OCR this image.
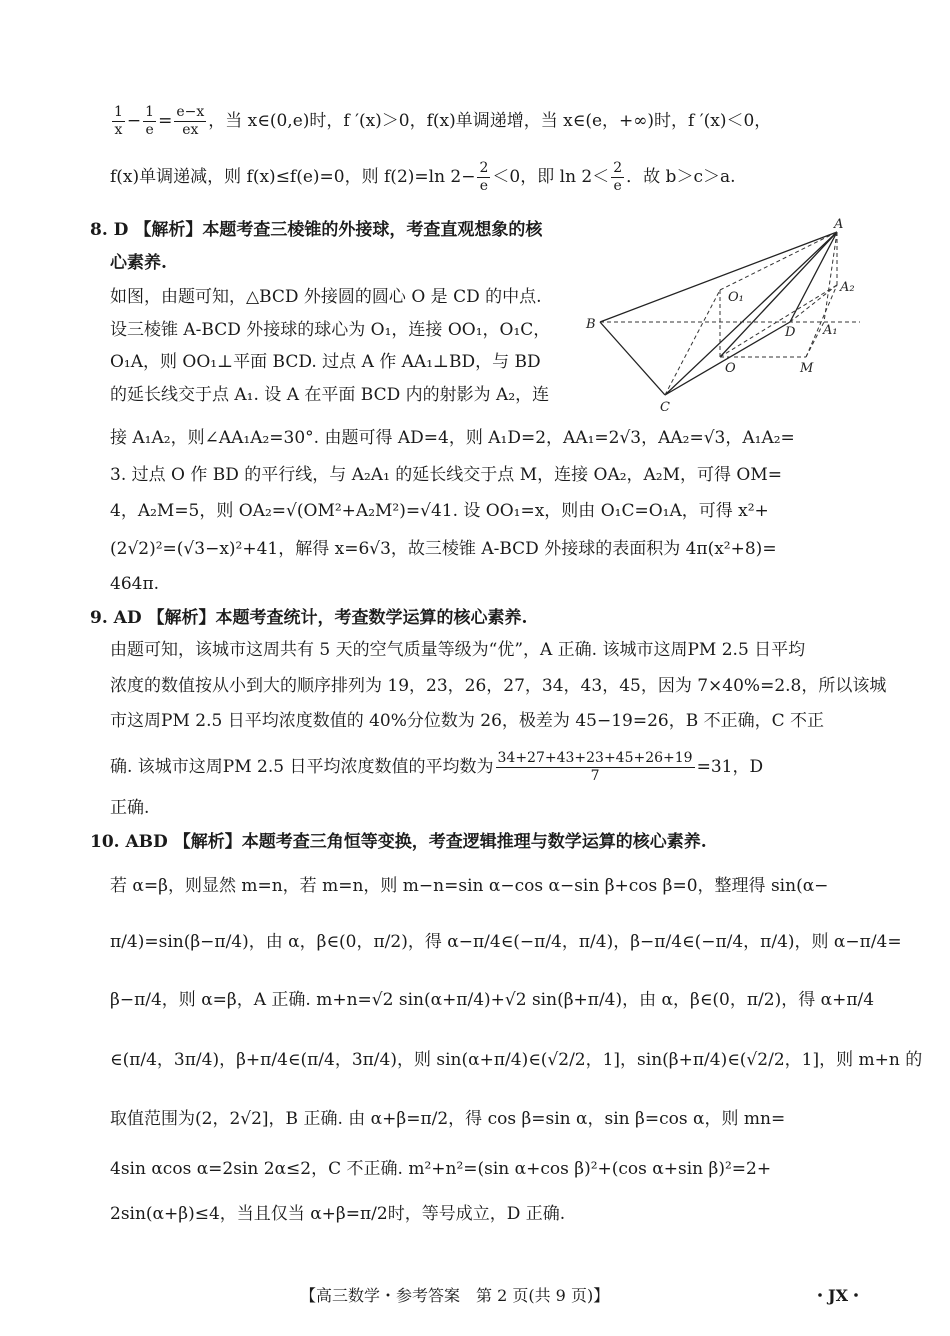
$\frac{1}{x} - \frac{1}{e} = \frac{e-x}{ex}$ ，当 x∈(0,e)时，f ′(x)＞0，f(x)单调递增，当 x∈(e，+∞)时，f ′(x)＜0，
f(x)单调递减，则 f(x)≤f(e)=0，则 f(2)=ln $2- \frac{2}{e} <0$，即 $\ln 2< \frac{2}{e}$ ．故 b＞c＞a.
8. D 【解析】本题考查三棱锥的外接球，考查直观想象的核
心素养.
如图，由题可知，△BCD 外接圆的圆心 O 是 CD 的中点.
设三棱锥 A-BCD 外接球的球心为 O₁，连接 OO₁，O₁C，
O₁A，则 OO₁⊥平面 BCD. 过点 A 作 AA₁⊥BD，与 BD
的延长线交于点 A₁. 设 A 在平面 BCD 内的射影为 A₂，连
接 A₁A₂，则∠AA₁A₂=30°. 由题可得 AD=4，则 A₁D=2，AA₁=2√3，AA₂=√3，A₁A₂=
3. 过点 O 作 BD 的平行线，与 A₂A₁ 的延长线交于点 M，连接 OA₂，A₂M，可得 OM=
4，A₂M=5，则 OA₂=√(OM²+A₂M²)=√41. 设 OO₁=x，则由 O₁C=O₁A，可得 x²+
(2√2)²=(√3−x)²+41，解得 x=6√3，故三棱锥 A-BCD 外接球的表面积为 4π(x²+8)=
464π.
A
A₂
A₁
O₁
B
D
O	M
C
9. AD 【解析】本题考查统计，考查数学运算的核心素养.
由题可知，该城市这周共有 5 天的空气质量等级为“优”，A 正确. 该城市这周PM 2.5 日平均
浓度的数值按从小到大的顺序排列为 19，23，26，27，34，43，45，因为 7×40%=2.8，所以该城
市这周PM 2.5 日平均浓度数值的 40%分位数为 26，极差为 45−19=26，B 不正确，C 不正
确. 该城市这周PM 2.5 日平均浓度数值的平均数为 $\frac{34+27+43+23+45+26+19}{7} =31$，D
正确.
10. ABD 【解析】本题考查三角恒等变换，考查逻辑推理与数学运算的核心素养.
若 α=β，则显然 m=n，若 m=n，则 m−n=sin α−cos α−sin β+cos β=0，整理得 sin(α−
π/4)=sin(β−π/4)，由 α，β∈(0，π/2)，得 α−π/4∈(−π/4，π/4)，β−π/4∈(−π/4，π/4)，则 α−π/4=
β−π/4，则 α=β，A 正确. m+n=√2 sin(α+π/4)+√2 sin(β+π/4)，由 α，β∈(0，π/2)，得 α+π/4
∈(π/4，3π/4)，β+π/4∈(π/4，3π/4)，则 sin(α+π/4)∈(√2/2，1]，sin(β+π/4)∈(√2/2，1]，则 m+n 的
取值范围为(2，2√2]，B 正确. 由 α+β=π/2，得 cos β=sin α，sin β=cos α，则 mn=
4sin αcos α=2sin 2α≤2，C 不正确. m²+n²=(sin α+cos β)²+(cos α+sin β)²=2+
2sin(α+β)≤4，当且仅当 α+β=π/2时，等号成立，D 正确.
【高三数学・参考答案　第 2 页(共 9 页)】	・JX・
